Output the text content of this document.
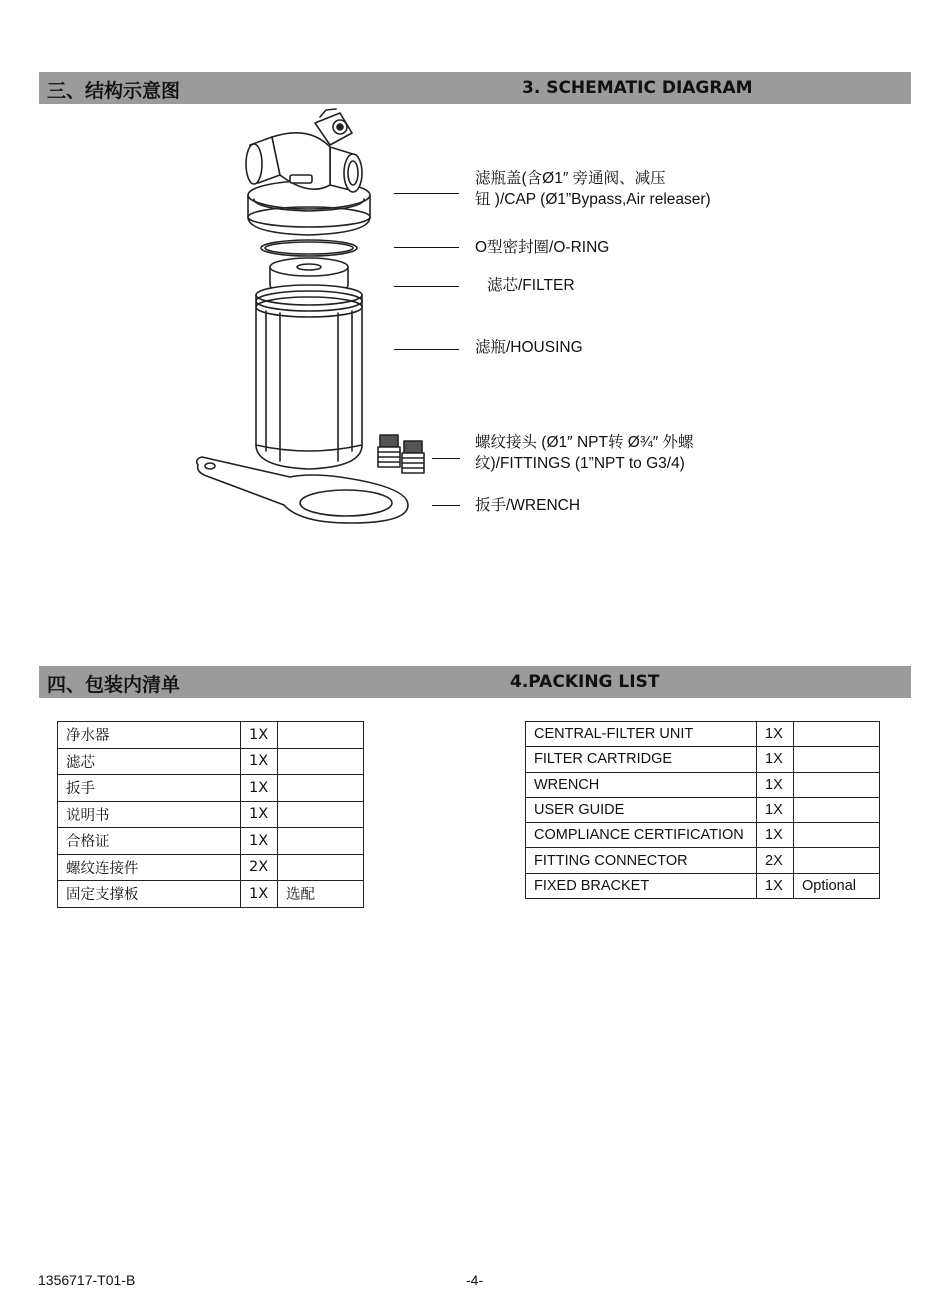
三、结构示意图	3. SCHEMATIC DIAGRAM
滤瓶盖(含Ø1″ 旁通阀、减压
钮 )/CAP (Ø1”Bypass,Air releaser)
O型密封圈/O-RING
滤芯/FILTER
滤瓶/HOUSING
螺纹接头 (Ø1″ NPT转 Ø¾″ 外螺
纹)/FITTINGS (1”NPT to G3/4)
扳手/WRENCH
四、包装内清单	4.PACKING LIST
净水器	1X	
滤芯	1X	
扳手	1X	
说明书	1X	
合格证	1X	
螺纹连接件	2X	
固定支撑板	1X	选配
CENTRAL-FILTER UNIT	1X	
FILTER CARTRIDGE	1X	
WRENCH	1X	
USER GUIDE	1X	
COMPLIANCE CERTIFICATION	1X	
FITTING CONNECTOR	2X	
FIXED BRACKET	1X	Optional
1356717-T01-B	-4-
